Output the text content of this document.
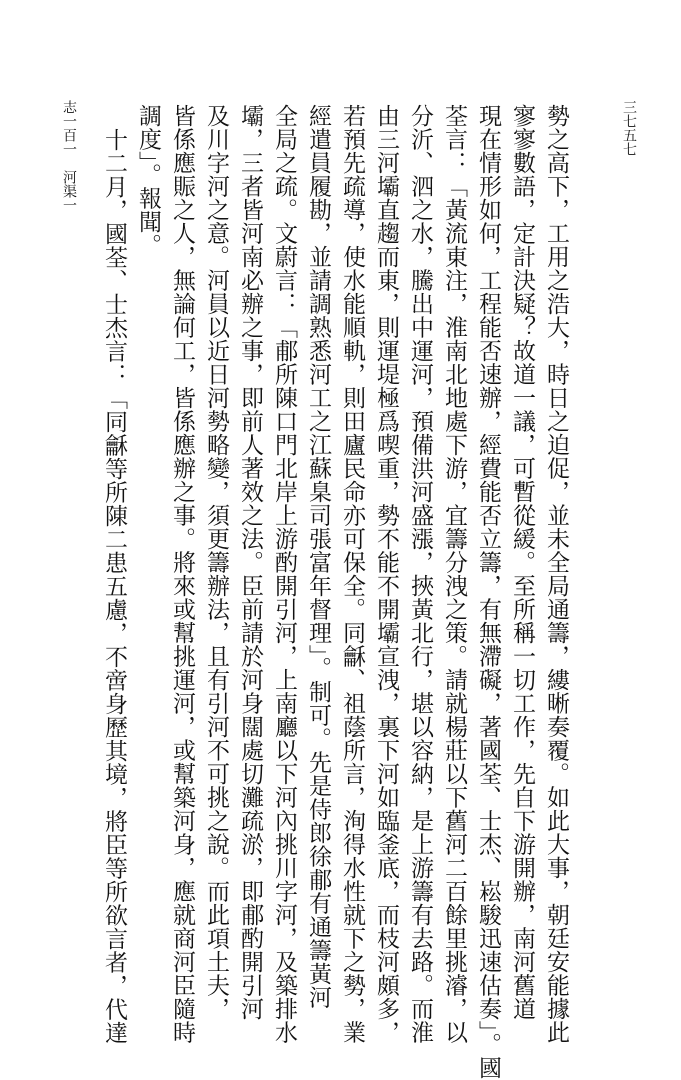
志一百一　河渠一	三七五七
勢之高下，工用之浩大，時日之迫促，並未全局通籌，縷晰奏覆。如此大事，朝廷安能據此
寥寥數語，定計決疑？故道一議，可暫從緩。至所稱一切工作，先自下游開辦，南河舊道
現在情形如何，工程能否速辦，經費能否立籌，有無滯礙，著國荃、士杰、崧駿迅速估奏」。國
荃言：「黃流東注，淮南北地處下游，宜籌分洩之策。請就楊莊以下舊河二百餘里挑濬，以
分沂、泗之水，騰出中運河，預備洪河盛漲，挾黃北行，堪以容納，是上游籌有去路。而淮
由三河壩直趨而東，則運堤極爲喫重，勢不能不開壩宣洩，裏下河如臨釜底，而枝河頗多，
若預先疏導，使水能順軌，則田廬民命亦可保全。同龢、祖蔭所言，洵得水性就下之勢，業
經遣員履勘，並請調熟悉河工之江蘇臬司張富年督理」。制可。先是侍郎徐郙有通籌黃河
全局之疏。文蔚言：「郙所陳口門北岸上游酌開引河，上南廳以下河內挑川字河，及築排水
壩，三者皆河南必辦之事，即前人著效之法。臣前請於河身闊處切灘疏淤，即郙酌開引河
及川字河之意。河員以近日河勢略變，須更籌辦法，且有引河不可挑之說。而此項土夫，
皆係應賑之人，無論何工，皆係應辦之事。將來或幫挑運河，或幫築河身，應就商河臣隨時
調度」。報聞。
十二月，國荃、士杰言：「同龢等所陳二患五慮，不啻身歷其境，將臣等所欲言者，代達
